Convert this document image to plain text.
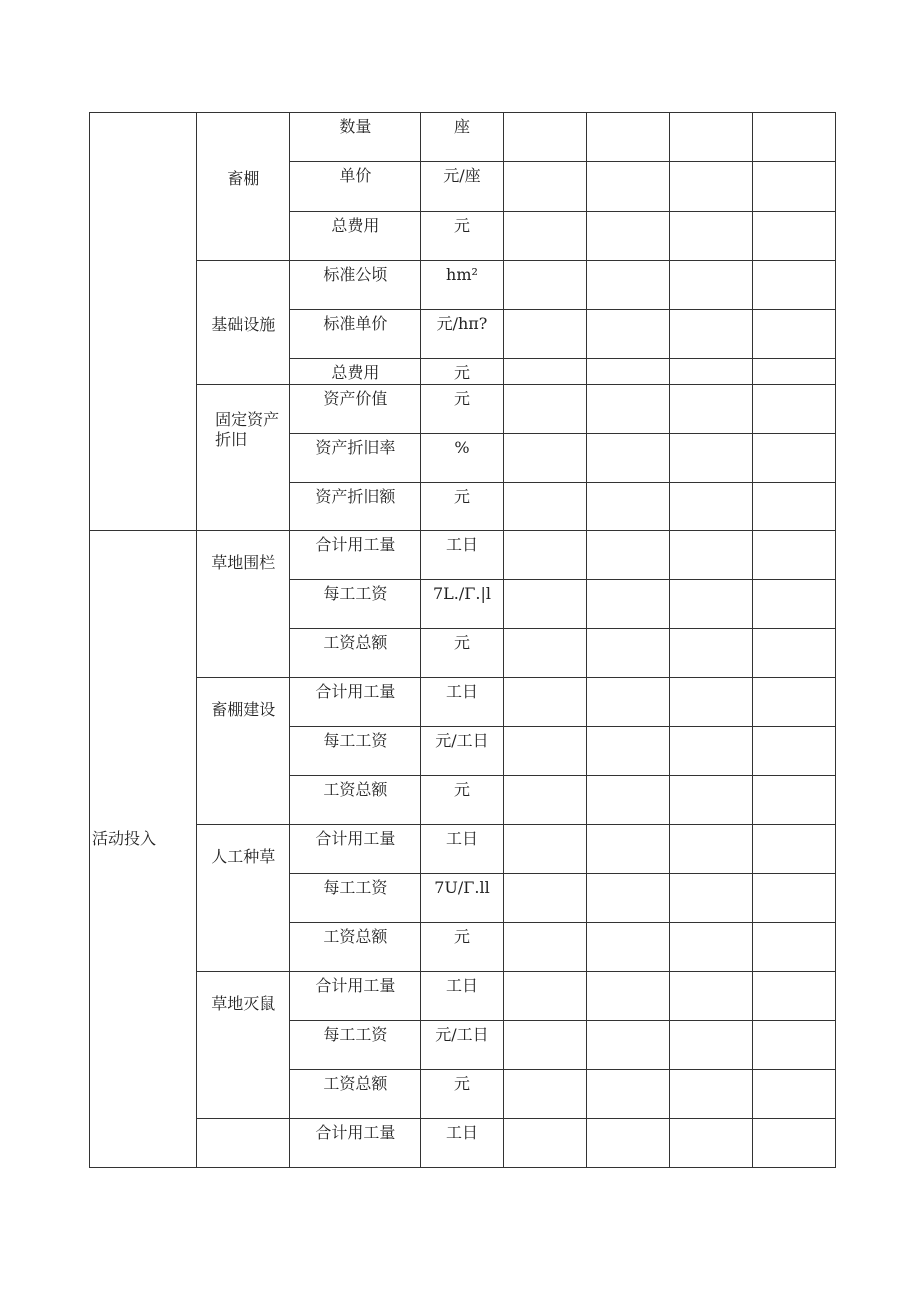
	畜棚	数量	座				
		单价	元/座				
		总费用	元				

	基础设施	标准公顷	hm²				
		标准单价	元/hπ?				
		总费用	元				

	固定资产折旧	资产价值	元				
		资产折旧率	%				
		资产折旧额	元				

活动投入	草地围栏	合计用工量	工日				
		每工工资	7L./Γ.|l				
		工资总额	元				

	畜棚建设	合计用工量	工日				
		每工工资	元/工日				
		工资总额	元				

	人工种草	合计用工量	工日				
		每工工资	7U/Γ.ll				
		工资总额	元				

	草地灭鼠	合计用工量	工日				
		每工工资	元/工日				
		工资总额	元				

		合计用工量	工日				
